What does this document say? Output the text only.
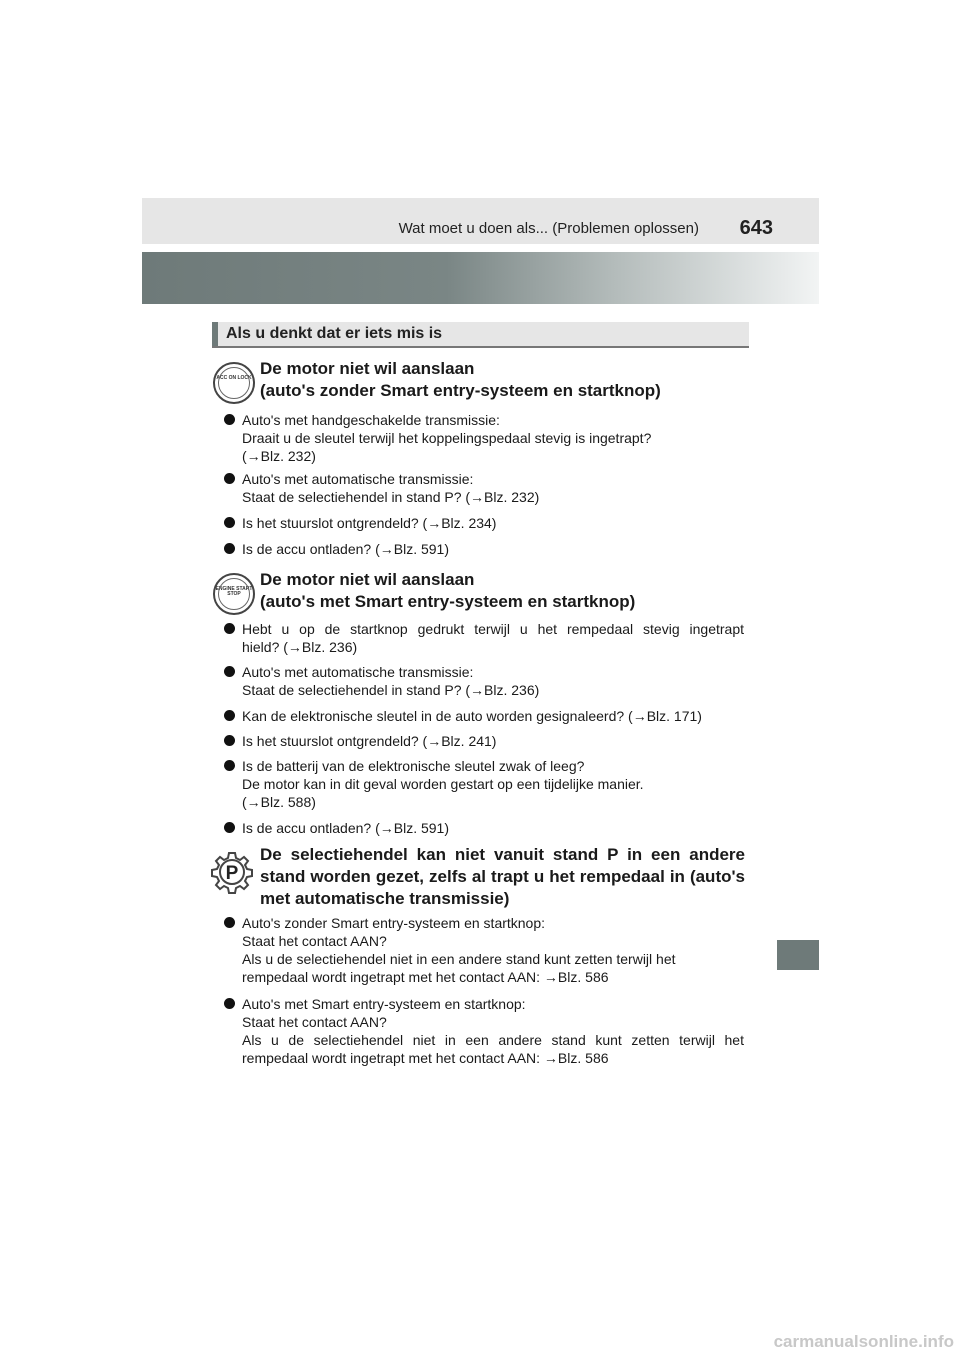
Wat moet u doen als... (Problemen oplossen) 643
Als u denkt dat er iets mis is
ACC ON LOCK De motor niet wil aanslaan
(auto's zonder Smart entry-systeem en startknop)
Auto's met handgeschakelde transmissie:
Draait u de sleutel terwijl het koppelingspedaal stevig is ingetrapt?
(→Blz. 232)
Auto's met automatische transmissie:
Staat de selectiehendel in stand P? (→Blz. 232)
Is het stuurslot ontgrendeld? (→Blz. 234)
Is de accu ontladen? (→Blz. 591)
ENGINE START STOP
De motor niet wil aanslaan
(auto's met Smart entry-systeem en startknop)
Hebt u op de startknop gedrukt terwijl u het rempedaal stevig ingetrapt
hield? (→Blz. 236)
Auto's met automatische transmissie:
Staat de selectiehendel in stand P? (→Blz. 236)
Kan de elektronische sleutel in de auto worden gesignaleerd? (→Blz. 171)
Is het stuurslot ontgrendeld? (→Blz. 241)
Is de batterij van de elektronische sleutel zwak of leeg?
De motor kan in dit geval worden gestart op een tijdelijke manier.
(→Blz. 588)
Is de accu ontladen? (→Blz. 591)
P
De selectiehendel kan niet vanuit stand P in een andere
stand worden gezet, zelfs al trapt u het rempedaal in (auto's
met automatische transmissie)
Auto's zonder Smart entry-systeem en startknop:
Staat het contact AAN?
Als u de selectiehendel niet in een andere stand kunt zetten terwijl het
rempedaal wordt ingetrapt met het contact AAN: →Blz. 586
Auto's met Smart entry-systeem en startknop:
Staat het contact AAN?
Als u de selectiehendel niet in een andere stand kunt zetten terwijl het
rempedaal wordt ingetrapt met het contact AAN: →Blz. 586
carmanualsonline.info
